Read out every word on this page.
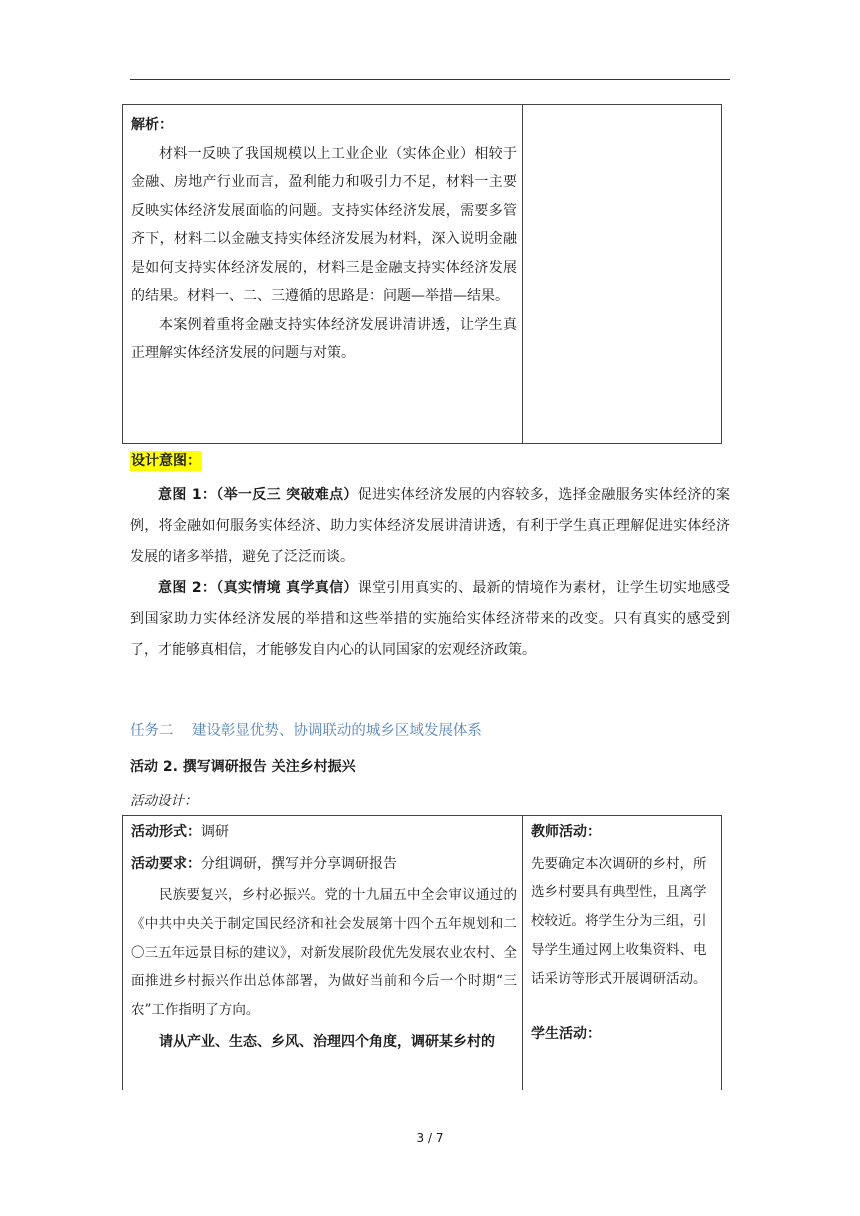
解析：

材料一反映了我国规模以上工业企业（实体企业）相较于金融、房地产行业而言，盈利能力和吸引力不足，材料一主要反映实体经济发展面临的问题。支持实体经济发展，需要多管齐下，材料二以金融支持实体经济发展为材料，深入说明金融是如何支持实体经济发展的，材料三是金融支持实体经济发展的结果。材料一、二、三遵循的思路是：问题—举措—结果。

本案例着重将金融支持实体经济发展讲清讲透，让学生真正理解实体经济发展的问题与对策。

设计意图：

意图 1：（举一反三 突破难点）促进实体经济发展的内容较多，选择金融服务实体经济的案例，将金融如何服务实体经济、助力实体经济发展讲清讲透，有利于学生真正理解促进实体经济发展的诸多举措，避免了泛泛而谈。

意图 2：（真实情境 真学真信）课堂引用真实的、最新的情境作为素材，让学生切实地感受到国家助力实体经济发展的举措和这些举措的实施给实体经济带来的改变。只有真实的感受到了，才能够真相信，才能够发自内心的认同国家的宏观经济政策。

任务二    建设彰显优势、协调联动的城乡区域发展体系
活动 2. 撰写调研报告 关注乡村振兴
活动设计：

活动形式：调研

活动要求：分组调研，撰写并分享调研报告

民族要复兴，乡村必振兴。党的十九届五中全会审议通过的《中共中央关于制定国民经济和社会发展第十四个五年规划和二〇三五年远景目标的建议》，对新发展阶段优先发展农业农村、全面推进乡村振兴作出总体部署，为做好当前和今后一个时期“三农”工作指明了方向。

请从产业、生态、乡风、治理四个角度，调研某乡村的

教师活动：

先要确定本次调研的乡村，所选乡村要具有典型性，且离学校较近。将学生分为三组，引导学生通过网上收集资料、电话采访等形式开展调研活动。

学生活动：

3 / 7
